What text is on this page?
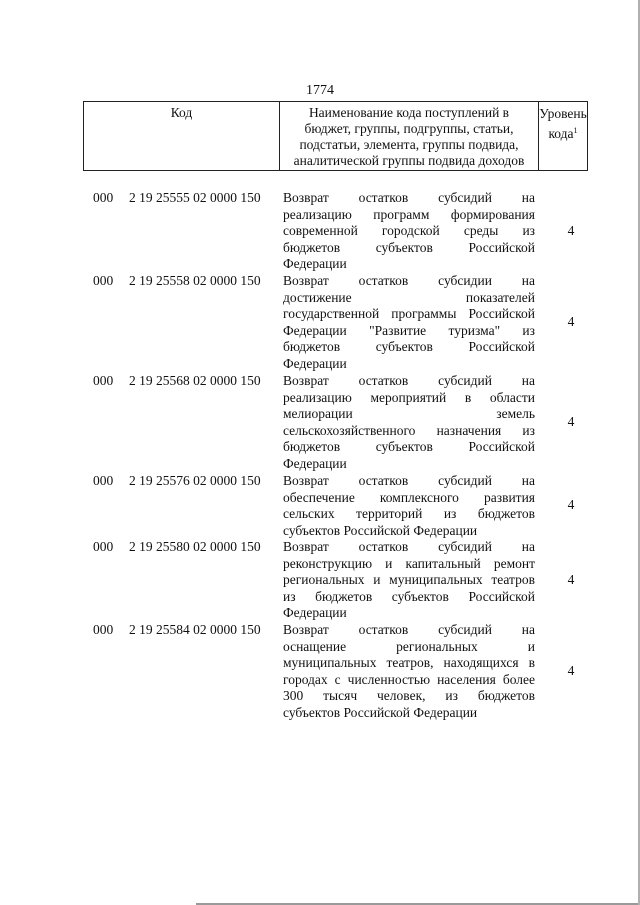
1774
Код	Наименование кода поступлений в
бюджет, группы, подгруппы, статьи,
подстатьи, элемента, группы подвида,
аналитической группы подвида доходов
Уровень
кода$^1$
000 2 19 25555 02 0000 150 Возврат остатков субсидий на
реализацию программ формирования
современной городской среды из
бюджетов субъектов Российской
Федерации
4
000 2 19 25558 02 0000 150 Возврат остатков субсидии на
достижение показателей
государственной программы Российской
Федерации "Развитие туризма" из
бюджетов субъектов Российской
Федерации
4
000 2 19 25568 02 0000 150 Возврат остатков субсидий на
реализацию мероприятий в области
мелиорации земель
сельскохозяйственного назначения из
бюджетов субъектов Российской
Федерации
4
000 2 19 25576 02 0000 150 Возврат остатков субсидий на
обеспечение комплексного развития
сельских территорий из бюджетов
субъектов Российской Федерации
4
000 2 19 25580 02 0000 150 Возврат остатков субсидий на
реконструкцию и капитальный ремонт
региональных и муниципальных театров
из бюджетов субъектов Российской
Федерации
4
000 2 19 25584 02 0000 150 Возврат остатков субсидий на
оснащение региональных и
муниципальных театров, находящихся в
городах с численностью населения более
300 тысяч человек, из бюджетов
субъектов Российской Федерации
4
